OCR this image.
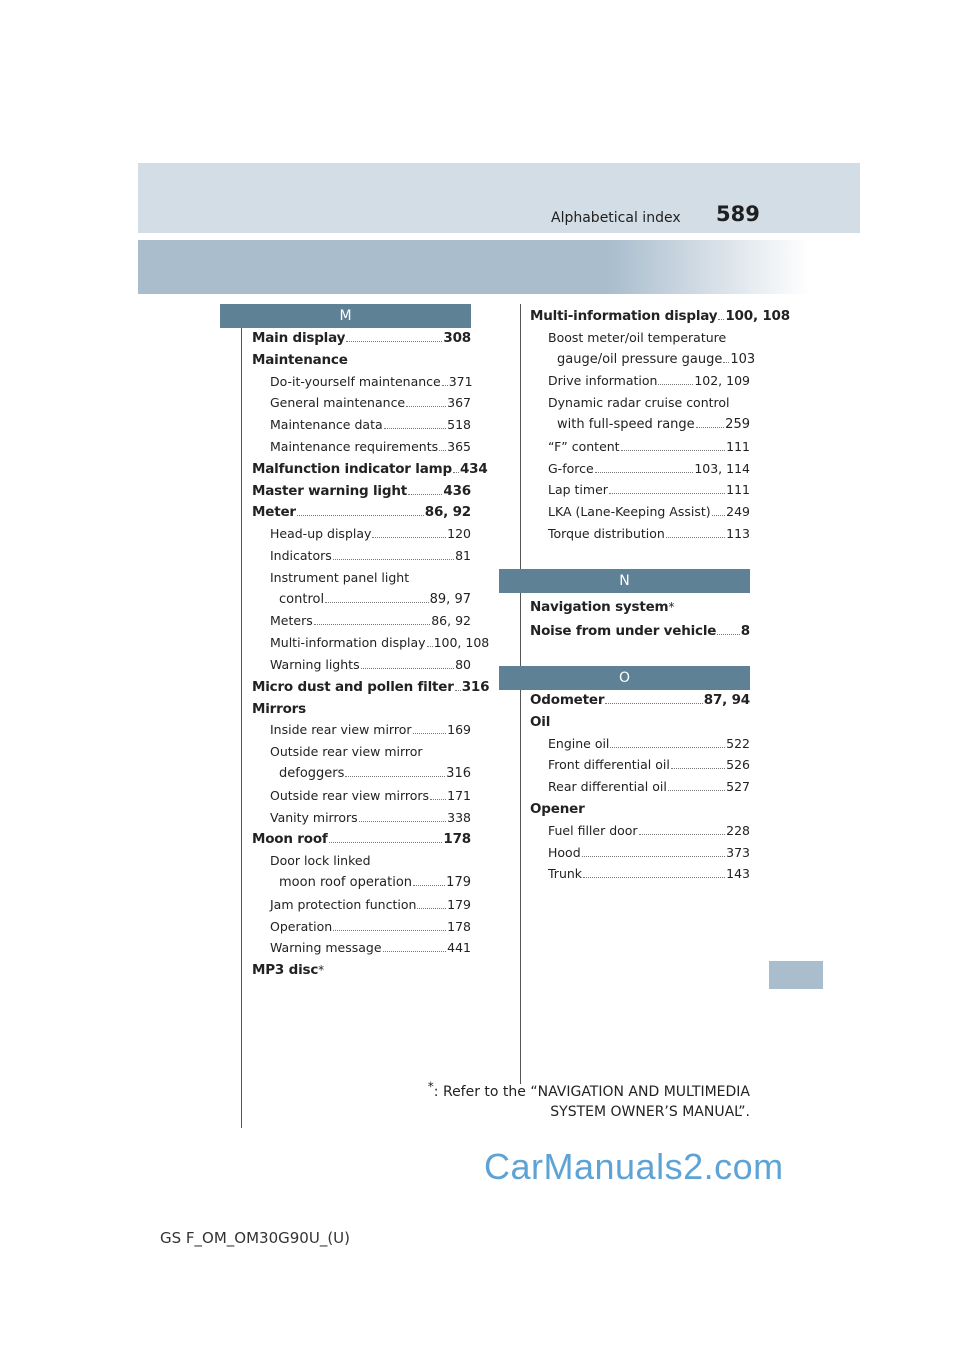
Alphabetical index 589
M
N
O
Main display	308
Maintenance
Do-it-yourself maintenance 371
General maintenance	367
Maintenance data	518
Maintenance requirements 365
Malfunction indicator lamp 434
Master warning light	436
Meter	86, 92
Head-up display	120
Indicators	81
Instrument panel light
control	89, 97
Meters	86, 92
Multi-information display 100, 108
Warning lights	80
Micro dust and pollen filter 316
Mirrors
Inside rear view mirror	169
Outside rear view mirror
defoggers	316
Outside rear view mirrors 171
Vanity mirrors	338
Moon roof	178
Door lock linked
moon roof operation	179
Jam protection function 179
Operation	178
Warning message	441
MP3 disc *
Multi-information display 100, 108
Boost meter/oil temperature
gauge/oil pressure gauge 103
Drive information	102, 109
Dynamic radar cruise control
with full-speed range 259
“F” content	111
G-force	103, 114
Lap timer	111
LKA (Lane-Keeping Assist) 249
Torque distribution	113
Navigation system *
Noise from under vehicle 8
Odometer	87, 94
Oil
Engine oil	522
Front differential oil	526
Rear differential oil	527
Opener
Fuel filler door	228
Hood	373
Trunk	143
*: Refer to the “NAVIGATION AND MULTIMEDIA
SYSTEM OWNER’S MANUAL”.
CarManuals2.com
GS F_OM_OM30G90U_(U)
